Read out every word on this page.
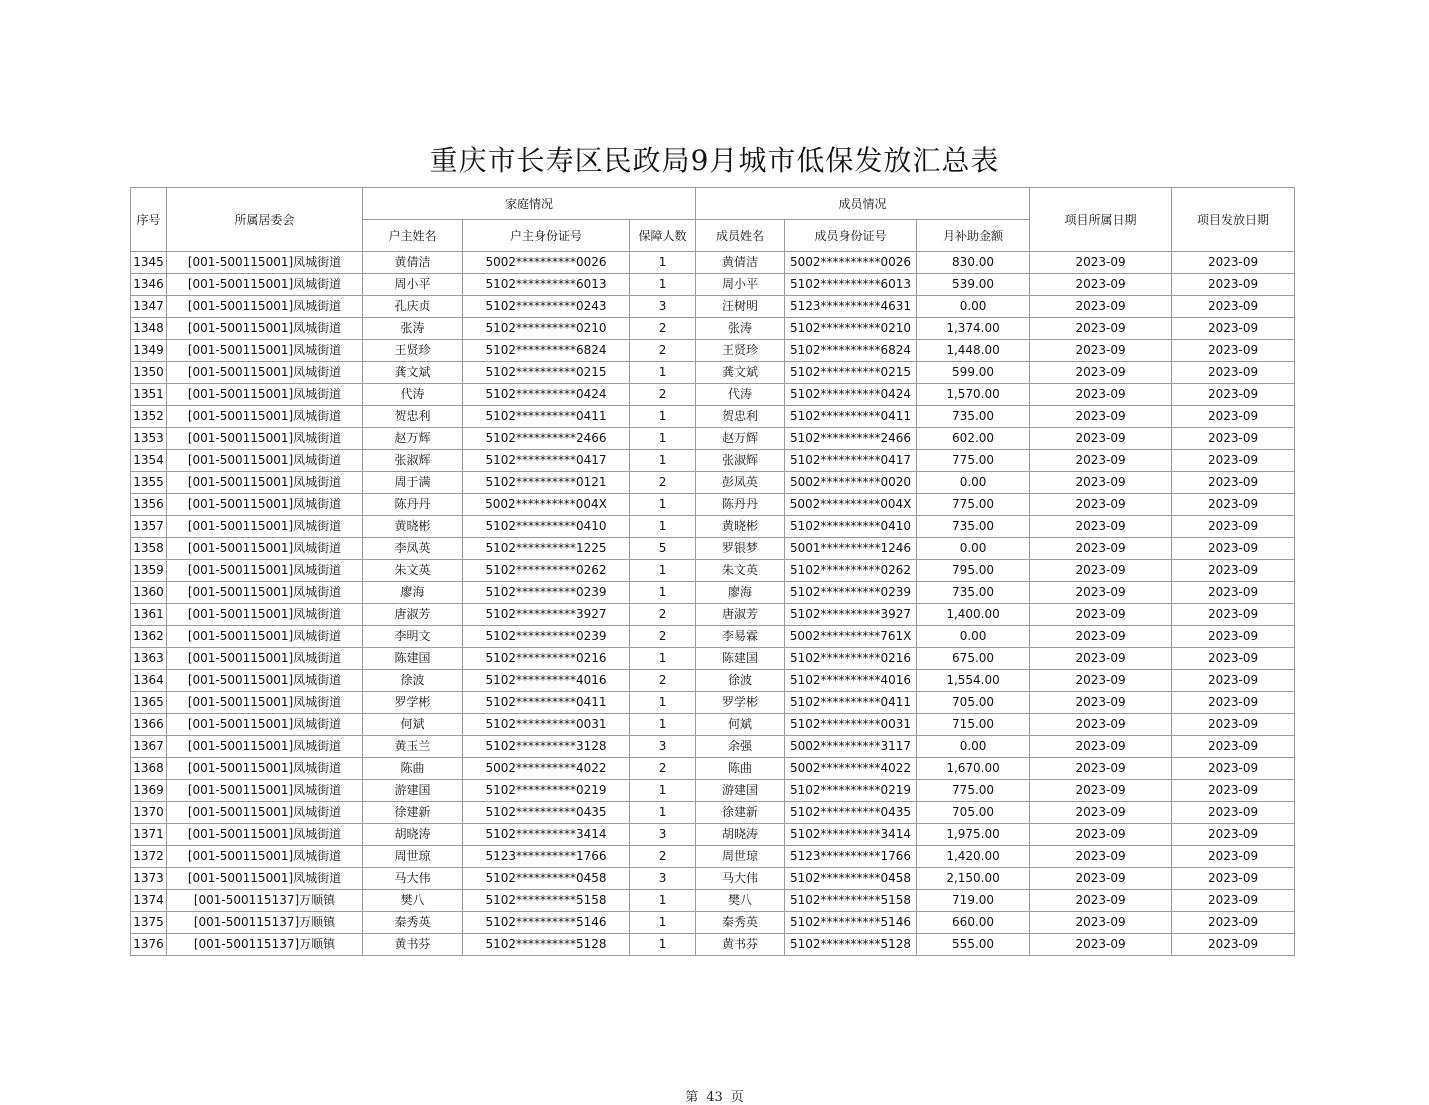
重庆市长寿区民政局9月城市低保发放汇总表
序号	所属居委会	家庭情况			成员情况			项目所属日期	项目发放日期
		户主姓名	户主身份证号	保障人数	成员姓名	成员身份证号	月补助金额		
1345	[001-500115001]凤城街道	黄倩洁	5002**********0026	1	黄倩洁	5002**********0026	830.00	2023-09	2023-09
1346	[001-500115001]凤城街道	周小平	5102**********6013	1	周小平	5102**********6013	539.00	2023-09	2023-09
1347	[001-500115001]凤城街道	孔庆贞	5102**********0243	3	汪树明	5123**********4631	0.00	2023-09	2023-09
1348	[001-500115001]凤城街道	张涛	5102**********0210	2	张涛	5102**********0210	1,374.00	2023-09	2023-09
1349	[001-500115001]凤城街道	王贤珍	5102**********6824	2	王贤珍	5102**********6824	1,448.00	2023-09	2023-09
1350	[001-500115001]凤城街道	龚文斌	5102**********0215	1	龚文斌	5102**********0215	599.00	2023-09	2023-09
1351	[001-500115001]凤城街道	代涛	5102**********0424	2	代涛	5102**********0424	1,570.00	2023-09	2023-09
1352	[001-500115001]凤城街道	贺忠利	5102**********0411	1	贺忠利	5102**********0411	735.00	2023-09	2023-09
1353	[001-500115001]凤城街道	赵万辉	5102**********2466	1	赵万辉	5102**********2466	602.00	2023-09	2023-09
1354	[001-500115001]凤城街道	张淑辉	5102**********0417	1	张淑辉	5102**********0417	775.00	2023-09	2023-09
1355	[001-500115001]凤城街道	周于满	5102**********0121	2	彭凤英	5002**********0020	0.00	2023-09	2023-09
1356	[001-500115001]凤城街道	陈丹丹	5002**********004X	1	陈丹丹	5002**********004X	775.00	2023-09	2023-09
1357	[001-500115001]凤城街道	黄晓彬	5102**********0410	1	黄晓彬	5102**********0410	735.00	2023-09	2023-09
1358	[001-500115001]凤城街道	李凤英	5102**********1225	5	罗银梦	5001**********1246	0.00	2023-09	2023-09
1359	[001-500115001]凤城街道	朱文英	5102**********0262	1	朱文英	5102**********0262	795.00	2023-09	2023-09
1360	[001-500115001]凤城街道	廖海	5102**********0239	1	廖海	5102**********0239	735.00	2023-09	2023-09
1361	[001-500115001]凤城街道	唐淑芳	5102**********3927	2	唐淑芳	5102**********3927	1,400.00	2023-09	2023-09
1362	[001-500115001]凤城街道	李明文	5102**********0239	2	李易霖	5002**********761X	0.00	2023-09	2023-09
1363	[001-500115001]凤城街道	陈建国	5102**********0216	1	陈建国	5102**********0216	675.00	2023-09	2023-09
1364	[001-500115001]凤城街道	徐波	5102**********4016	2	徐波	5102**********4016	1,554.00	2023-09	2023-09
1365	[001-500115001]凤城街道	罗学彬	5102**********0411	1	罗学彬	5102**********0411	705.00	2023-09	2023-09
1366	[001-500115001]凤城街道	何斌	5102**********0031	1	何斌	5102**********0031	715.00	2023-09	2023-09
1367	[001-500115001]凤城街道	黄玉兰	5102**********3128	3	余强	5002**********3117	0.00	2023-09	2023-09
1368	[001-500115001]凤城街道	陈曲	5002**********4022	2	陈曲	5002**********4022	1,670.00	2023-09	2023-09
1369	[001-500115001]凤城街道	游建国	5102**********0219	1	游建国	5102**********0219	775.00	2023-09	2023-09
1370	[001-500115001]凤城街道	徐建新	5102**********0435	1	徐建新	5102**********0435	705.00	2023-09	2023-09
1371	[001-500115001]凤城街道	胡晓涛	5102**********3414	3	胡晓涛	5102**********3414	1,975.00	2023-09	2023-09
1372	[001-500115001]凤城街道	周世琼	5123**********1766	2	周世琼	5123**********1766	1,420.00	2023-09	2023-09
1373	[001-500115001]凤城街道	马大伟	5102**********0458	3	马大伟	5102**********0458	2,150.00	2023-09	2023-09
1374	[001-500115137]万顺镇	樊八	5102**********5158	1	樊八	5102**********5158	719.00	2023-09	2023-09
1375	[001-500115137]万顺镇	秦秀英	5102**********5146	1	秦秀英	5102**********5146	660.00	2023-09	2023-09
1376	[001-500115137]万顺镇	黄书芬	5102**********5128	1	黄书芬	5102**********5128	555.00	2023-09	2023-09
第 43 页
